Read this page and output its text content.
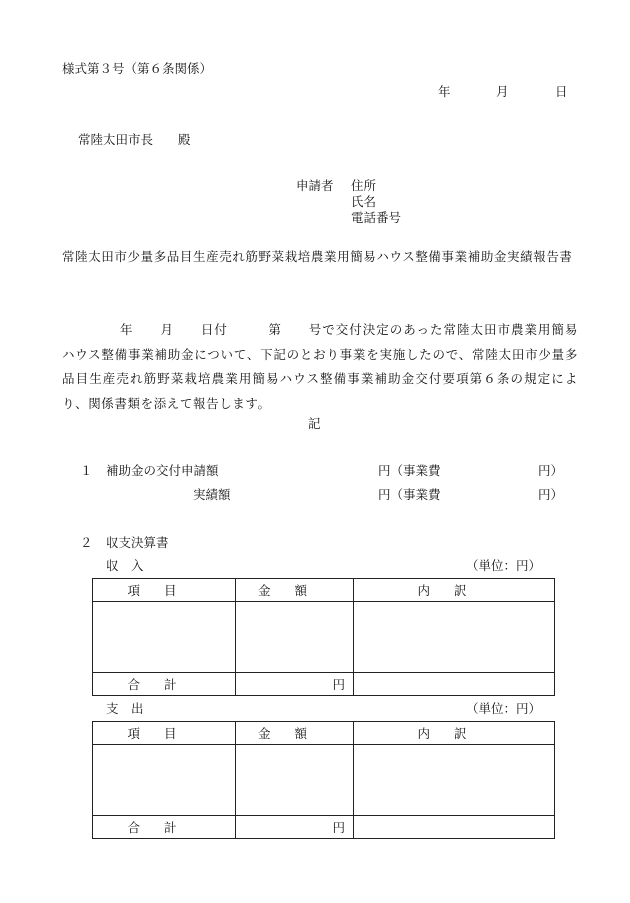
様式第３号（第６条関係）
年	月	日
常陸太田市長　　殿
申請者 住所
氏名
電話番号
常陸太田市少量多品目生産売れ筋野菜栽培農業用簡易ハウス整備事業補助金実績報告書
年　　月　　日付　　　第　　号で交付決定のあった常陸太田市農業用簡易ハウス整備事業補助金について、下記のとおり事業を実施したので、常陸太田市少量多品目生産売れ筋野菜栽培農業用簡易ハウス整備事業補助金交付要項第６条の規定により、関係書類を添えて報告します。
記
１ 補助金の交付申請額	円（事業費	円）
実績額	円（事業費	円）
２ 収支決算書
収　入	（単位：円）
項目	金額	内訳

合計	円	
支　出	（単位：円）
項目	金額	内訳

合計	円	
